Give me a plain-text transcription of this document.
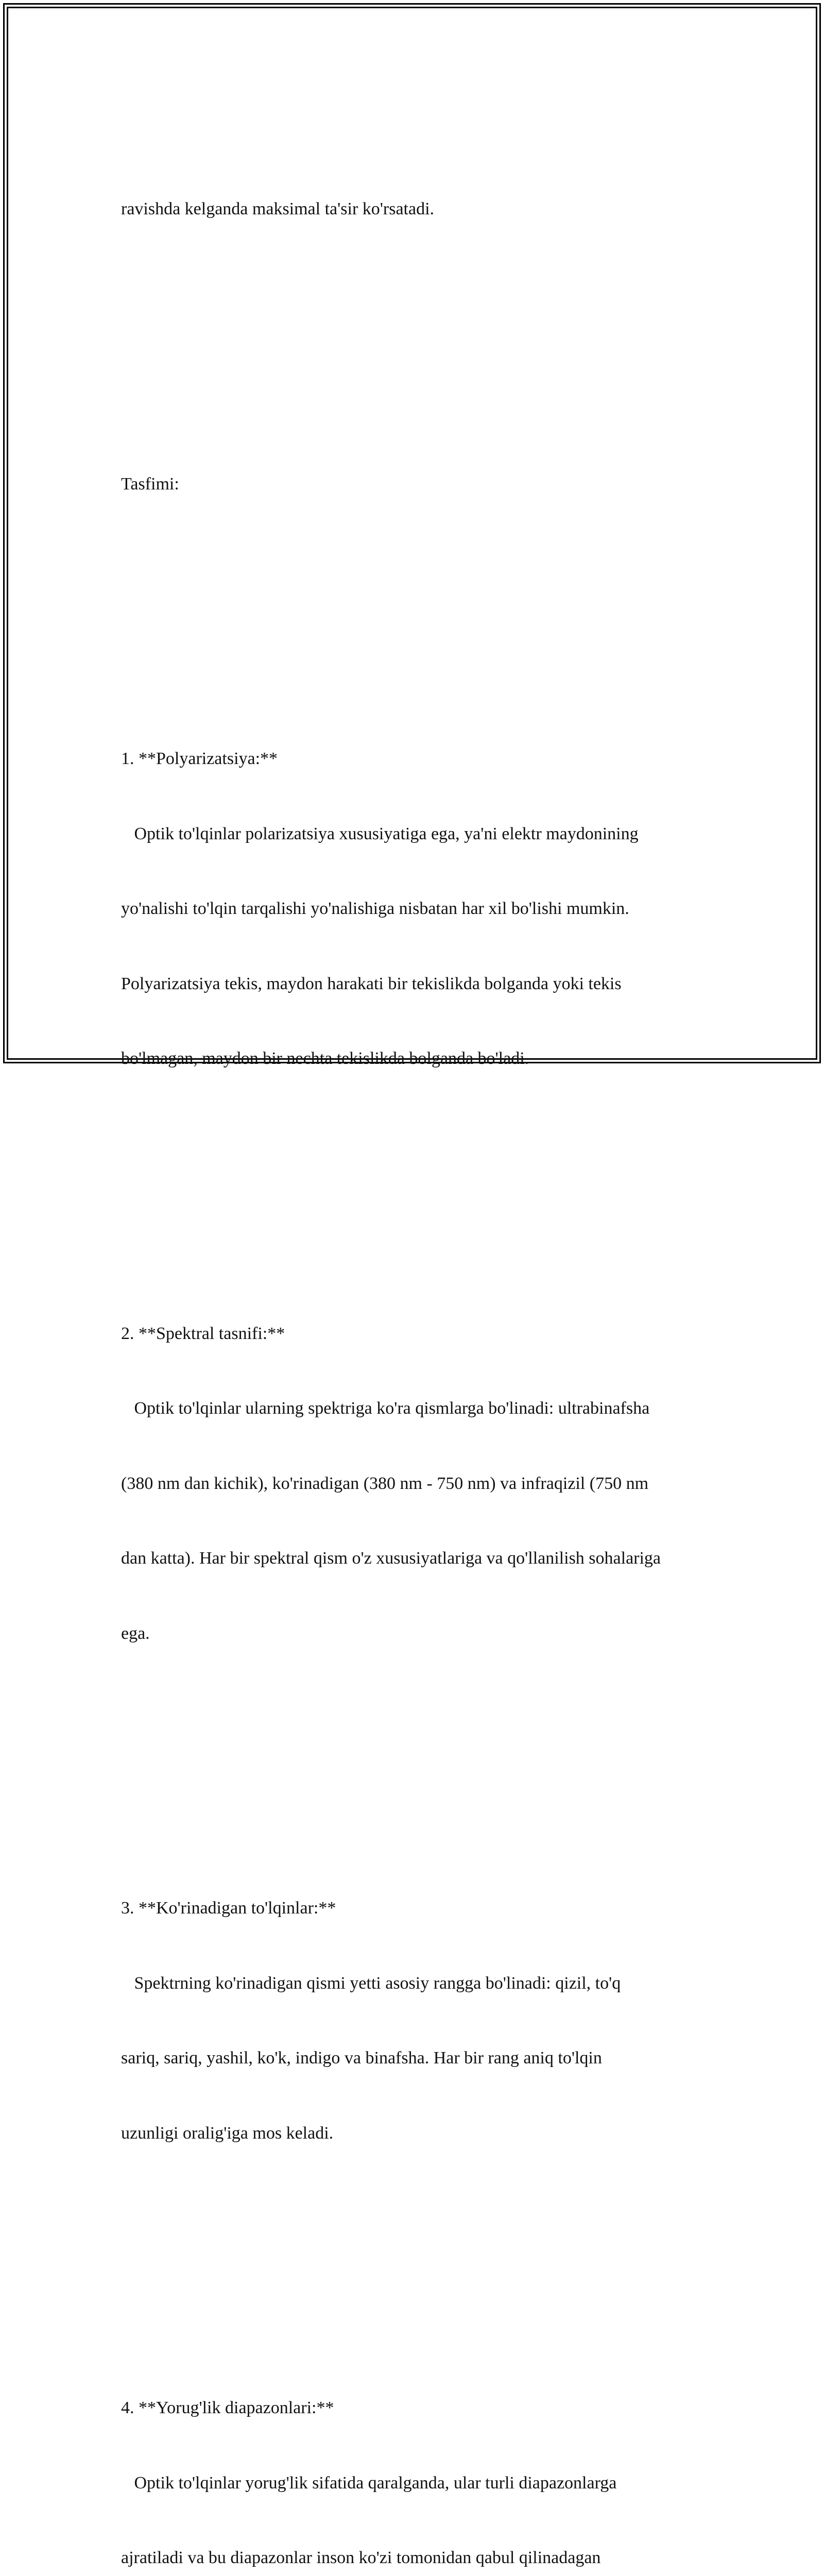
ravishda kelganda maksimal ta'sir ko'rsatadi.

Tasfimi:

1. **Polyarizatsiya:**

Optik to'lqinlar polarizatsiya xususiyatiga ega, ya'ni elektr maydonining

yo'nalishi to'lqin tarqalishi yo'nalishiga nisbatan har xil bo'lishi mumkin.

Polyarizatsiya tekis, maydon harakati bir tekislikda bolganda yoki tekis

bo'lmagan, maydon bir nechta tekislikda bolganda bo'ladi.

2. **Spektral tasnifi:**

Optik to'lqinlar ularning spektriga ko'ra qismlarga bo'linadi: ultrabinafsha

(380 nm dan kichik), ko'rinadigan (380 nm - 750 nm) va infraqizil (750 nm

dan katta). Har bir spektral qism o'z xususiyatlariga va qo'llanilish sohalariga

ega.

3. **Ko'rinadigan to'lqinlar:**

Spektrning ko'rinadigan qismi yetti asosiy rangga bo'linadi: qizil, to'q

sariq, sariq, yashil, ko'k, indigo va binafsha. Har bir rang aniq to'lqin

uzunligi oralig'iga mos keladi.

4. **Yorug'lik diapazonlari:**

Optik to'lqinlar yorug'lik sifatida qaralganda, ular turli diapazonlarga

ajratiladi va bu diapazonlar inson ko'zi tomonidan qabul qilinadagan
